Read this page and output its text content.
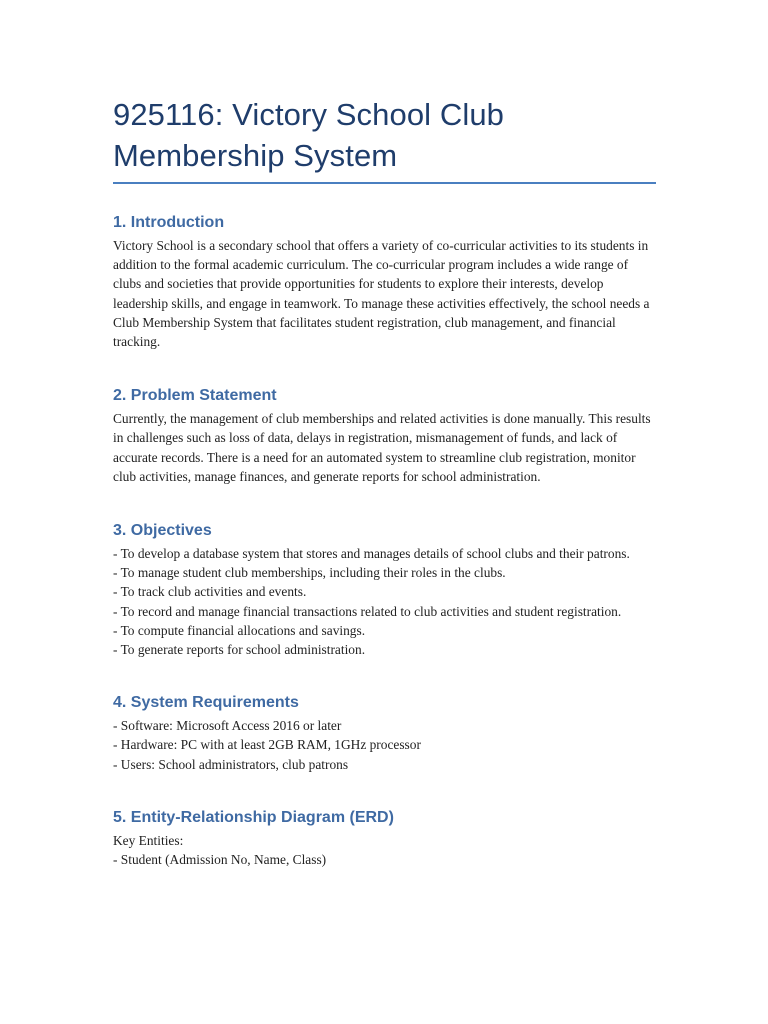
925116: Victory School Club Membership System
1. Introduction

Victory School is a secondary school that offers a variety of co-curricular activities to its students in addition to the formal academic curriculum. The co-curricular program includes a wide range of clubs and societies that provide opportunities for students to explore their interests, develop leadership skills, and engage in teamwork. To manage these activities effectively, the school needs a Club Membership System that facilitates student registration, club management, and financial tracking.

2. Problem Statement

Currently, the management of club memberships and related activities is done manually. This results in challenges such as loss of data, delays in registration, mismanagement of funds, and lack of accurate records. There is a need for an automated system to streamline club registration, monitor club activities, manage finances, and generate reports for school administration.

3. Objectives

- To develop a database system that stores and manages details of school clubs and their patrons.

- To manage student club memberships, including their roles in the clubs.

- To track club activities and events.

- To record and manage financial transactions related to club activities and student registration.

- To compute financial allocations and savings.

- To generate reports for school administration.

4. System Requirements

- Software: Microsoft Access 2016 or later

- Hardware: PC with at least 2GB RAM, 1GHz processor

- Users: School administrators, club patrons

5. Entity-Relationship Diagram (ERD)

Key Entities:

- Student (Admission No, Name, Class)
